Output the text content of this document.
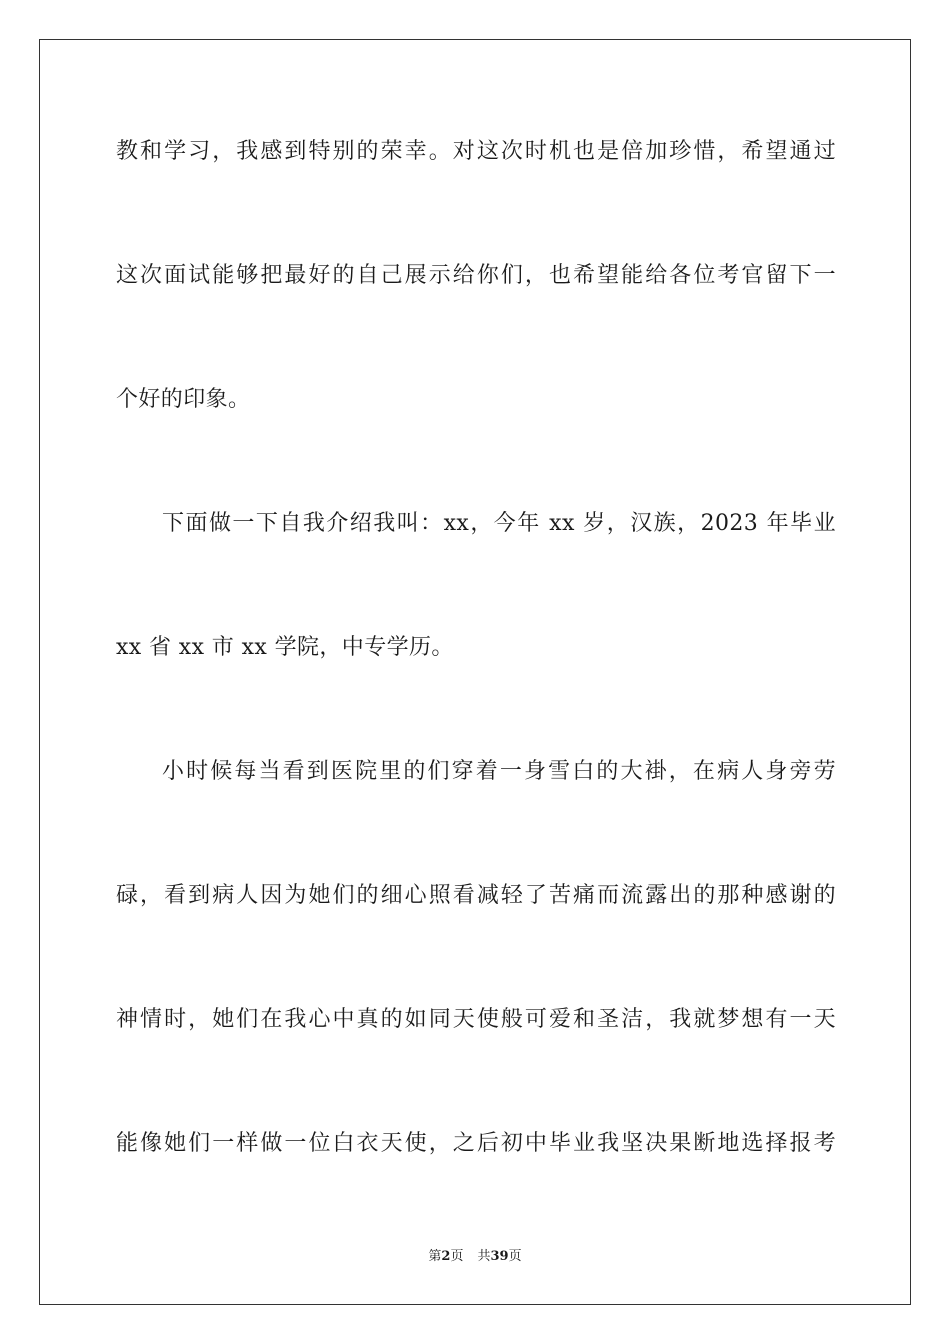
教和学习，我感到特别的荣幸。对这次时机也是倍加珍惜，希望通过
这次面试能够把最好的自己展示给你们，也希望能给各位考官留下一
个好的印象。
下面做一下自我介绍我叫：xx，今年 xx 岁，汉族，2023 年毕业
xx 省 xx 市 xx 学院，中专学历。
小时候每当看到医院里的们穿着一身雪白的大褂，在病人身旁劳
碌，看到病人因为她们的细心照看减轻了苦痛而流露出的那种感谢的
神情时，她们在我心中真的如同天使般可爱和圣洁，我就梦想有一天
能像她们一样做一位白衣天使，之后初中毕业我坚决果断地选择报考
第2页 共39页
